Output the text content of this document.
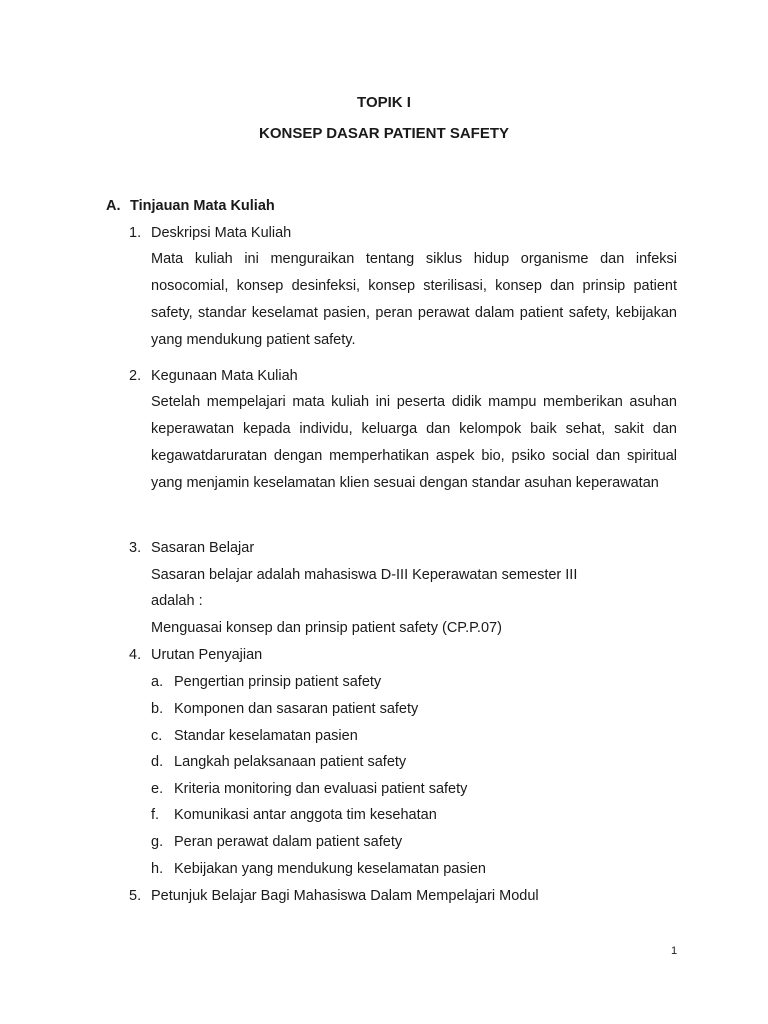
TOPIK I
KONSEP DASAR PATIENT SAFETY
A. Tinjauan Mata Kuliah
1. Deskripsi Mata Kuliah
Mata kuliah ini menguraikan tentang siklus hidup organisme dan infeksi nosocomial, konsep desinfeksi, konsep sterilisasi, konsep dan prinsip patient safety, standar keselamat pasien, peran perawat dalam patient safety, kebijakan yang mendukung patient safety.
2. Kegunaan Mata Kuliah
Setelah mempelajari mata kuliah ini peserta didik mampu memberikan asuhan keperawatan kepada individu, keluarga dan kelompok baik sehat, sakit dan kegawatdaruratan dengan memperhatikan aspek bio, psiko social dan spiritual yang menjamin keselamatan klien sesuai dengan standar asuhan keperawatan
3. Sasaran Belajar
Sasaran belajar adalah mahasiswa D-III Keperawatan semester III
adalah :
Menguasai konsep dan prinsip patient safety (CP.P.07)
4. Urutan Penyajian
a. Pengertian prinsip patient safety
b. Komponen dan sasaran patient safety
c. Standar keselamatan pasien
d. Langkah pelaksanaan patient safety
e. Kriteria monitoring dan evaluasi patient safety
f. Komunikasi antar anggota tim kesehatan
g. Peran perawat dalam patient safety
h. Kebijakan yang mendukung keselamatan pasien
5. Petunjuk Belajar Bagi Mahasiswa Dalam Mempelajari Modul
1
